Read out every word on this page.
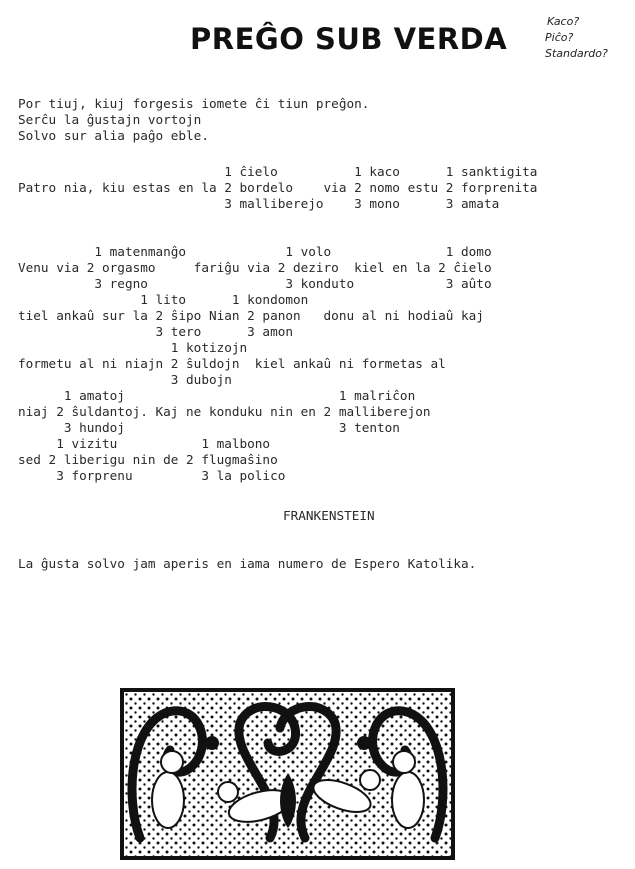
PREĜO SUB VERDA
Kaco?
Piĉo?
Standardo?
Por tiuj, kiuj forgesis iomete ĉi tiun preĝon.
Serĉu la ĝustajn vortojn
Solvo sur alia paĝo eble.
1 ĉielo          1 kaco      1 sanktigita
Patro nia, kiu estas en la 2 bordelo    via 2 nomo estu 2 forprenita
3 malliberejo    3 mono      3 amata

1 matenmanĝo             1 volo               1 domo
Venu via 2 orgasmo     fariĝu via 2 deziro  kiel en la 2 ĉielo
3 regno                  3 konduto            3 aûto
1 lito      1 kondomon
tiel ankaû sur la 2 ŝipo Nian 2 panon   donu al ni hodiaû kaj
3 tero      3 amon
1 kotizojn
formetu al ni niajn 2 ŝuldojn  kiel ankaû ni formetas al
3 dubojn
1 amatoj                            1 malriĉon
niaj 2 ŝuldantoj. Kaj ne konduku nin en 2 malliberejon
3 hundoj                            3 tenton
1 vizitu           1 malbono
sed 2 liberigu nin de 2 flugmaŝino
3 forprenu         3 la polico
FRANKENSTEIN
La ĝusta solvo jam aperis en iama numero de Espero Katolika.
